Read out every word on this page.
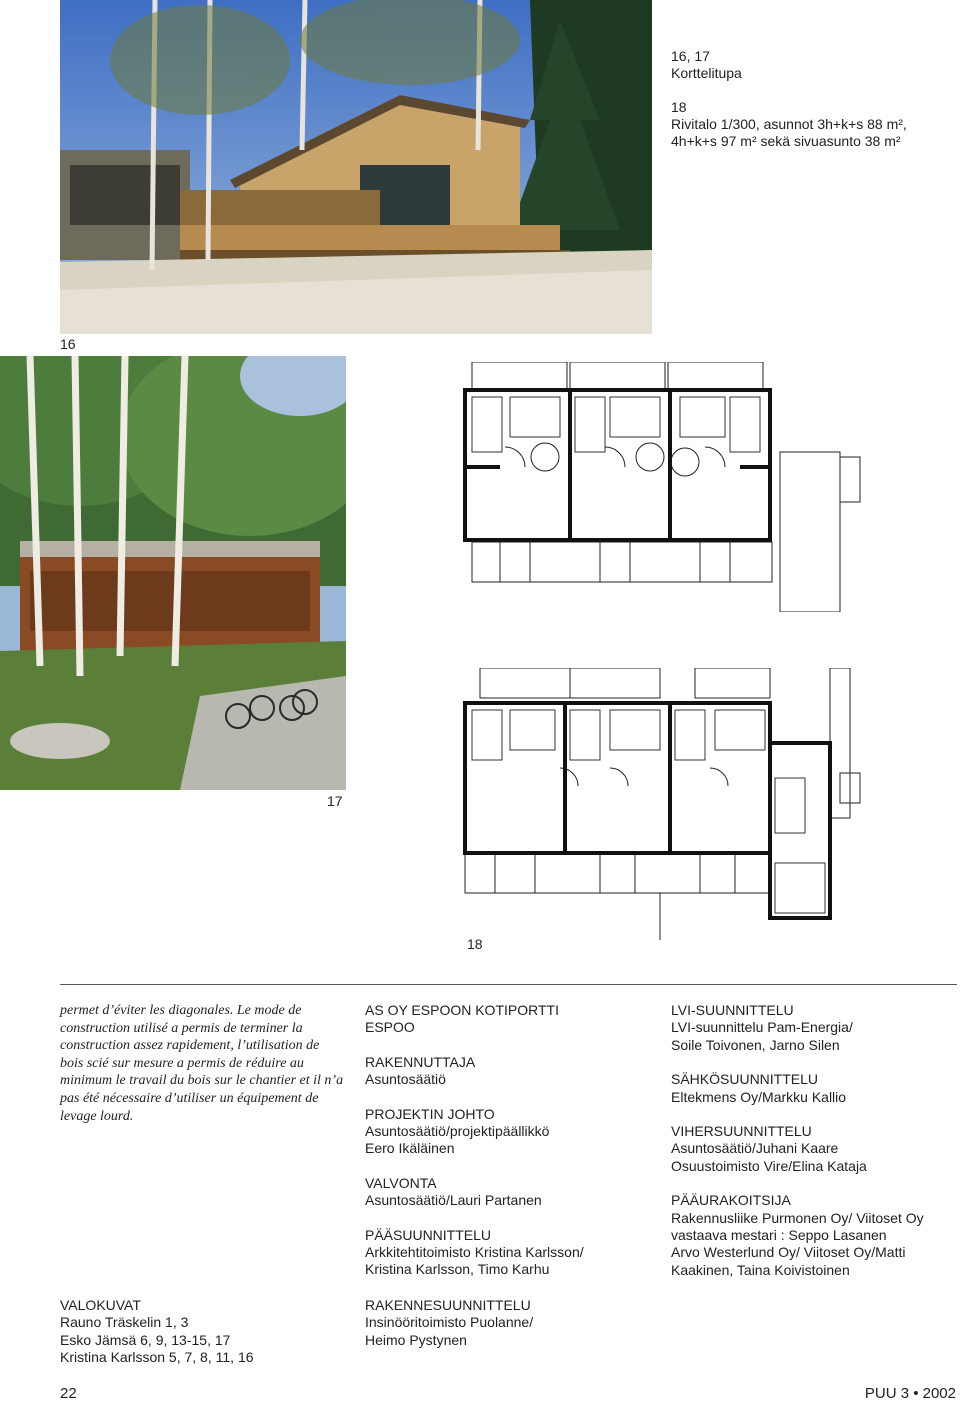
16

16, 17
Korttelitupa

18
Rivitalo 1/300, asunnot 3h+k+s 88 m², 4h+k+s 97 m² sekä sivuasunto 38 m²

17
18
permet d’éviter les diagonales. Le mode de construction utilisé a permis de terminer la construction assez rapidement, l’utilisation de bois scié sur mesure a permis de réduire au minimum le travail du bois sur le chantier et il n’a pas été nécessaire d’utiliser un équipement de levage lourd.
VALOKUVAT
Rauno Träskelin 1, 3
Esko Jämsä 6, 9, 13-15, 17
Kristina Karlsson 5, 7, 8, 11, 16
AS OY ESPOON KOTIPORTTI
ESPOO
RAKENNUTTAJA
Asuntosäätiö
PROJEKTIN JOHTO
Asuntosäätiö/projektipäällikkö
Eero Ikäläinen
VALVONTA
Asuntosäätiö/Lauri Partanen
PÄÄSUUNNITTELU
Arkkitehtitoimisto Kristina Karlsson/
Kristina Karlsson, Timo Karhu
RAKENNESUUNNITTELU
Insinööritoimisto Puolanne/
Heimo Pystynen
LVI-SUUNNITTELU
LVI-suunnittelu Pam-Energia/
Soile Toivonen, Jarno Silen
SÄHKÖSUUNNITTELU
Eltekmens Oy/Markku Kallio
VIHERSUUNNITTELU
Asuntosäätiö/Juhani Kaare
Osuustoimisto Vire/Elina Kataja
PÄÄURAKOITSIJA
Rakennusliike Purmonen Oy/ Viitoset Oy
vastaava mestari : Seppo Lasanen
Arvo Westerlund Oy/ Viitoset Oy/Matti
Kaakinen, Taina Koivistoinen
22	PUU 3 • 2002
